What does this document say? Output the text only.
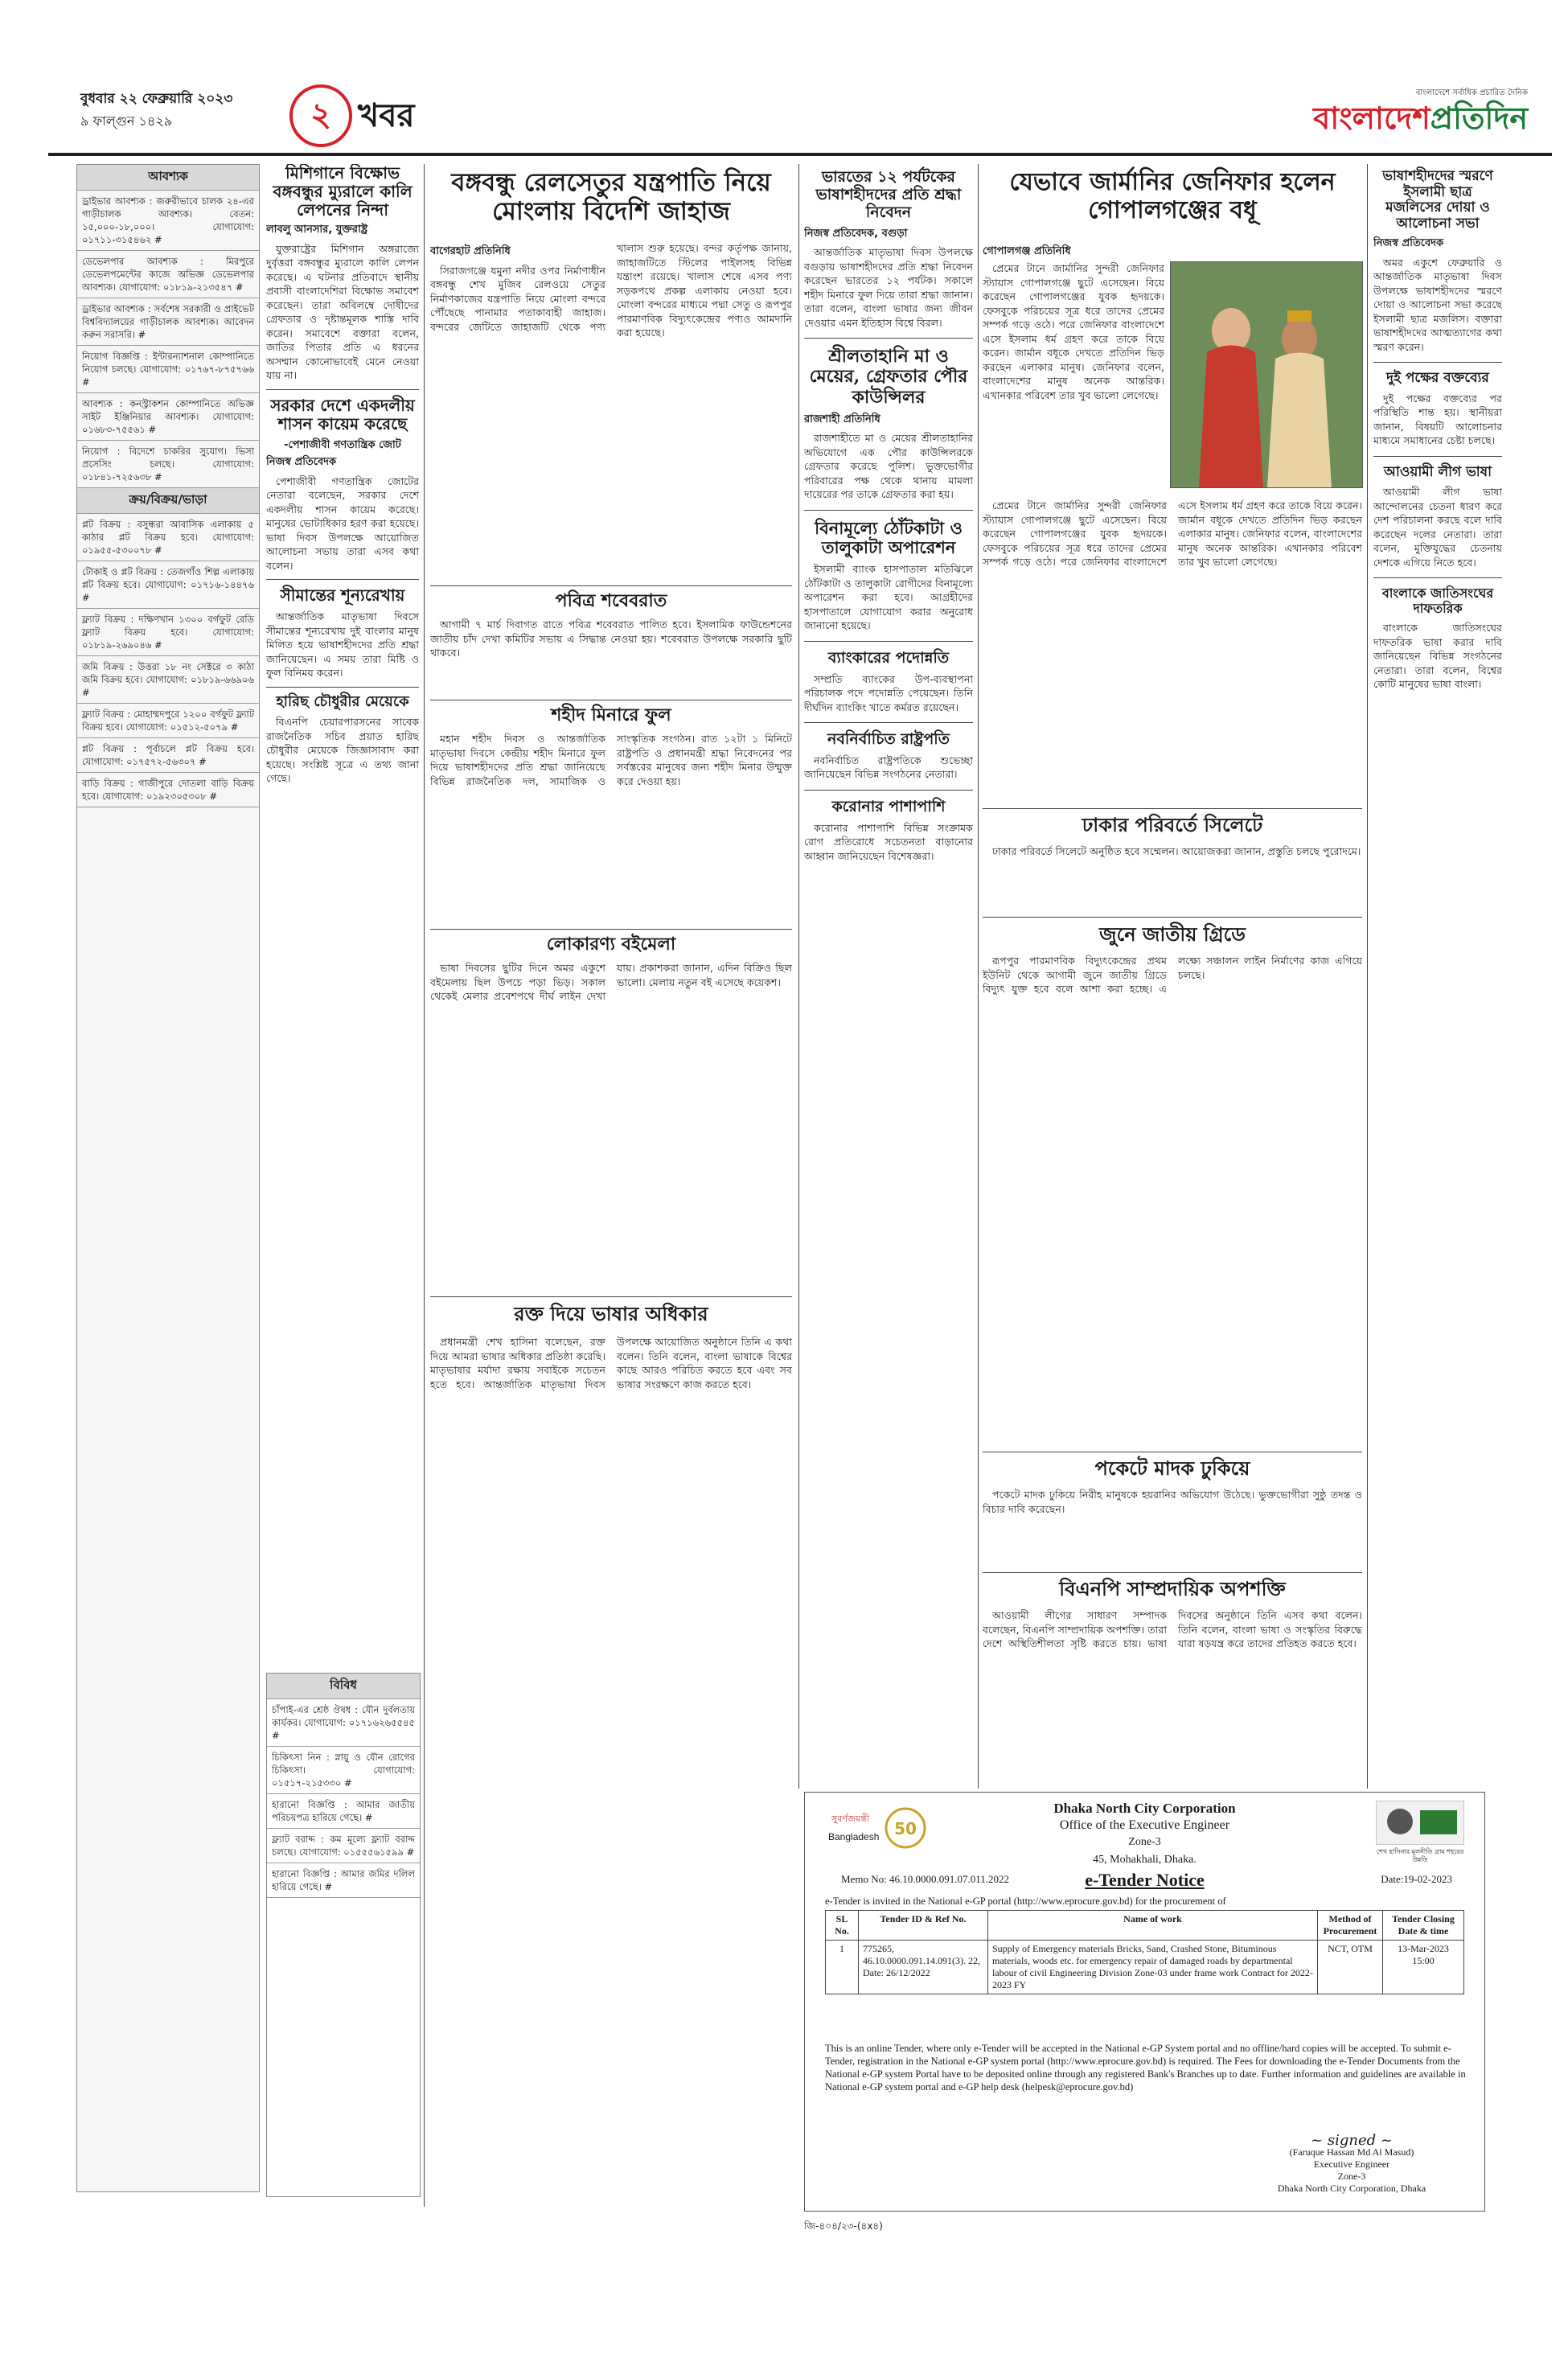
বুধবার ২২ ফেব্রুয়ারি ২০২৩
৯ ফাল্গুন ১৪২৯	২ খবর
বাংলাদেশে সর্বাধিক প্রচারিত দৈনিক
বাংলাদেশপ্রতিদিন
আবশ্যক
ড্রাইভার আবশ্যক : জরুরীভাবে চালক ২৪-এর গাড়ীচালক আবশ্যক। বেতন: ১৫,০০০-১৮,০০০। যোগাযোগ: ০১৭১১-৩১৫৪৬২ #
ডেভেলপার আবশ্যক : মিরপুরে ডেভেলপমেন্টের কাজে অভিজ্ঞ ডেভেলপার আবশ্যক। যোগাযোগ: ০১৮১৯-২১৩৫৪৭ #
ড্রাইভার আবশ্যক : সর্বশেষ সরকারী ও প্রাইভেট বিশ্ববিদ্যালয়ের গাড়ীচালক আবশ্যক। আবেদন করুন সরাসরি। #
নিয়োগ বিজ্ঞপ্তি : ইন্টারন্যাশনাল কোম্পানিতে নিয়োগ চলছে। যোগাযোগ: ০১৭৬৭-৮৭৫৭৬৬ #
আবশ্যক : কনস্ট্রাকশন কোম্পানিতে অভিজ্ঞ সাইট ইঞ্জিনিয়ার আবশ্যক। যোগাযোগ: ০১৬৮৩-৭৫৫৬১ #
নিয়োগ : বিদেশে চাকরির সুযোগ। ভিসা প্রসেসিং চলছে। যোগাযোগ: ০১৮৪১-৭২৫৬৩৮ #
ক্রয়/বিক্রয়/ভাড়া
প্লট বিক্রয় : বসুন্ধরা আবাসিক এলাকায় ৫ কাঠার প্লট বিক্রয় হবে। যোগাযোগ: ০১৯৫৫-৫৩০০৭৮ #
টোকাই ও প্লট বিক্রয় : তেজগাঁও শিল্প এলাকায় প্লট বিক্রয় হবে। যোগাযোগ: ০১৭১৬-১৪৪৭৬ #
ফ্ল্যাট বিক্রয় : দক্ষিণখান ১৩০০ বর্গফুট রেডি ফ্ল্যাট বিক্রয় হবে। যোগাযোগ: ০১৮১৯-২৬৯০৪৬ #
জমি বিক্রয় : উত্তরা ১৮ নং সেক্টরে ৩ কাঠা জমি বিক্রয় হবে। যোগাযোগ: ০১৮১৯-৬৬৯০৬ #
ফ্ল্যাট বিক্রয় : মোহাম্মদপুরে ১২০০ বর্গফুট ফ্ল্যাট বিক্রয় হবে। যোগাযোগ: ০১৫১২-৫০৭৯ #
প্লট বিক্রয় : পূর্বাচলে প্লট বিক্রয় হবে। যোগাযোগ: ০১৭৫৭২-৫৬৩০৭ #
বাড়ি বিক্রয় : গাজীপুরে দোতলা বাড়ি বিক্রয় হবে। যোগাযোগ: ০১৯২৩০৫৩০৮ #
মিশিগানে বিক্ষোভ বঙ্গবন্ধুর ম্যুরালে কালি লেপনের নিন্দা
লাবলু আনসার, যুক্তরাষ্ট্র

যুক্তরাষ্ট্রের মিশিগান অঙ্গরাজ্যে দুর্বৃত্তরা বঙ্গবন্ধুর ম্যুরালে কালি লেপন করেছে। এ ঘটনার প্রতিবাদে স্থানীয় প্রবাসী বাংলাদেশিরা বিক্ষোভ সমাবেশ করেছেন। তারা অবিলম্বে দোষীদের গ্রেফতার ও দৃষ্টান্তমূলক শাস্তি দাবি করেন। সমাবেশে বক্তারা বলেন, জাতির পিতার প্রতি এ ধরনের অসম্মান কোনোভাবেই মেনে নেওয়া যায় না।

সরকার দেশে একদলীয় শাসন কায়েম করেছে
-পেশাজীবী গণতান্ত্রিক জোট
নিজস্ব প্রতিবেদক

পেশাজীবী গণতান্ত্রিক জোটের নেতারা বলেছেন, সরকার দেশে একদলীয় শাসন কায়েম করেছে। মানুষের ভোটাধিকার হরণ করা হয়েছে। ভাষা দিবস উপলক্ষে আয়োজিত আলোচনা সভায় তারা এসব কথা বলেন।

সীমান্তের শূন্যরেখায়

আন্তর্জাতিক মাতৃভাষা দিবসে সীমান্তের শূন্যরেখায় দুই বাংলার মানুষ মিলিত হয়ে ভাষাশহীদদের প্রতি শ্রদ্ধা জানিয়েছেন। এ সময় তারা মিষ্টি ও ফুল বিনিময় করেন।

হারিছ চৌধুরীর মেয়েকে

বিএনপি চেয়ারপারসনের সাবেক রাজনৈতিক সচিব প্রয়াত হারিছ চৌধুরীর মেয়েকে জিজ্ঞাসাবাদ করা হয়েছে। সংশ্লিষ্ট সূত্রে এ তথ্য জানা গেছে।

বিবিধ
চাঁপাই-এর শ্রেষ্ঠ ঔষধ : যৌন দুর্বলতায় কার্যকর। যোগাযোগ: ০১৭১৬২৬৫৫৪৫ #
চিকিৎসা নিন : স্নায়ু ও যৌন রোগের চিকিৎসা। যোগাযোগ: ০১৫১৭-২১৫৩৩০ #
হারানো বিজ্ঞপ্তি : আমার জাতীয় পরিচয়পত্র হারিয়ে গেছে। #
ফ্ল্যাট বরাদ্দ : কম মূল্যে ফ্ল্যাট বরাদ্দ চলছে। যোগাযোগ: ০১৫৫৫৬১৫৯৯ #
হারানো বিজ্ঞপ্তি : আমার জমির দলিল হারিয়ে গেছে। #
বঙ্গবন্ধু রেলসেতুর যন্ত্রপাতি নিয়ে মোংলায় বিদেশি জাহাজ
বাগেরহাট প্রতিনিধি

সিরাজগঞ্জে যমুনা নদীর ওপর নির্মাণাধীন বঙ্গবন্ধু শেখ মুজিব রেলওয়ে সেতুর নির্মাণকাজের যন্ত্রপাতি নিয়ে মোংলা বন্দরে পৌঁছেছে পানামার পতাকাবাহী জাহাজ। বন্দরের জেটিতে জাহাজটি থেকে পণ্য খালাস শুরু হয়েছে। বন্দর কর্তৃপক্ষ জানায়, জাহাজটিতে স্টিলের পাইলসহ বিভিন্ন যন্ত্রাংশ রয়েছে। খালাস শেষে এসব পণ্য সড়কপথে প্রকল্প এলাকায় নেওয়া হবে। মোংলা বন্দরের মাধ্যমে পদ্মা সেতু ও রূপপুর পারমাণবিক বিদ্যুৎকেন্দ্রের পণ্যও আমদানি করা হয়েছে।

পবিত্র শবেবরাত

আগামী ৭ মার্চ দিবাগত রাতে পবিত্র শবেবরাত পালিত হবে। ইসলামিক ফাউন্ডেশনের জাতীয় চাঁদ দেখা কমিটির সভায় এ সিদ্ধান্ত নেওয়া হয়। শবেবরাত উপলক্ষে সরকারি ছুটি থাকবে।

শহীদ মিনারে ফুল

মহান শহীদ দিবস ও আন্তর্জাতিক মাতৃভাষা দিবসে কেন্দ্রীয় শহীদ মিনারে ফুল দিয়ে ভাষাশহীদদের প্রতি শ্রদ্ধা জানিয়েছে বিভিন্ন রাজনৈতিক দল, সামাজিক ও সাংস্কৃতিক সংগঠন। রাত ১২টা ১ মিনিটে রাষ্ট্রপতি ও প্রধানমন্ত্রী শ্রদ্ধা নিবেদনের পর সর্বস্তরের মানুষের জন্য শহীদ মিনার উন্মুক্ত করে দেওয়া হয়।

লোকারণ্য বইমেলা

ভাষা দিবসের ছুটির দিনে অমর একুশে বইমেলায় ছিল উপচে পড়া ভিড়। সকাল থেকেই মেলার প্রবেশপথে দীর্ঘ লাইন দেখা যায়। প্রকাশকরা জানান, এদিন বিক্রিও ছিল ভালো। মেলায় নতুন বই এসেছে কয়েকশ।

রক্ত দিয়ে ভাষার অধিকার

প্রধানমন্ত্রী শেখ হাসিনা বলেছেন, রক্ত দিয়ে আমরা ভাষার অধিকার প্রতিষ্ঠা করেছি। মাতৃভাষার মর্যাদা রক্ষায় সবাইকে সচেতন হতে হবে। আন্তর্জাতিক মাতৃভাষা দিবস উপলক্ষে আয়োজিত অনুষ্ঠানে তিনি এ কথা বলেন। তিনি বলেন, বাংলা ভাষাকে বিশ্বের কাছে আরও পরিচিত করতে হবে এবং সব ভাষার সংরক্ষণে কাজ করতে হবে।

ভারতের ১২ পর্যটকের ভাষাশহীদদের প্রতি শ্রদ্ধা নিবেদন
নিজস্ব প্রতিবেদক, বগুড়া

আন্তর্জাতিক মাতৃভাষা দিবস উপলক্ষে বগুড়ায় ভাষাশহীদদের প্রতি শ্রদ্ধা নিবেদন করেছেন ভারতের ১২ পর্যটক। সকালে শহীদ মিনারে ফুল দিয়ে তারা শ্রদ্ধা জানান। তারা বলেন, বাংলা ভাষার জন্য জীবন দেওয়ার এমন ইতিহাস বিশ্বে বিরল।

শ্রীলতাহানি মা ও মেয়ের, গ্রেফতার পৌর কাউন্সিলর
রাজশাহী প্রতিনিধি

রাজশাহীতে মা ও মেয়ের শ্রীলতাহানির অভিযোগে এক পৌর কাউন্সিলরকে গ্রেফতার করেছে পুলিশ। ভুক্তভোগীর পরিবারের পক্ষ থেকে থানায় মামলা দায়েরের পর তাকে গ্রেফতার করা হয়।

বিনামূল্যে ঠোঁটকাটা ও তালুকাটা অপারেশন

ইসলামী ব্যাংক হাসপাতাল মতিঝিলে ঠোঁটকাটা ও তালুকাটা রোগীদের বিনামূল্যে অপারেশন করা হবে। আগ্রহীদের হাসপাতালে যোগাযোগ করার অনুরোধ জানানো হয়েছে।

ব্যাংকারের পদোন্নতি

সম্প্রতি ব্যাংকের উপ-ব্যবস্থাপনা পরিচালক পদে পদোন্নতি পেয়েছেন। তিনি দীর্ঘদিন ব্যাংকিং খাতে কর্মরত রয়েছেন।

নবনির্বাচিত রাষ্ট্রপতি

নবনির্বাচিত রাষ্ট্রপতিকে শুভেচ্ছা জানিয়েছেন বিভিন্ন সংগঠনের নেতারা।

করোনার পাশাপাশি

করোনার পাশাপাশি বিভিন্ন সংক্রামক রোগ প্রতিরোধে সচেতনতা বাড়ানোর আহ্বান জানিয়েছেন বিশেষজ্ঞরা।

যেভাবে জার্মানির জেনিফার হলেন গোপালগঞ্জের বধূ
গোপালগঞ্জ প্রতিনিধি

প্রেমের টানে জার্মানির সুন্দরী জেনিফার স্ট্যায়াস গোপালগঞ্জে ছুটে এসেছেন। বিয়ে করেছেন গোপালগঞ্জের যুবক হৃদয়কে। ফেসবুকে পরিচয়ের সূত্র ধরে তাদের প্রেমের সম্পর্ক গড়ে ওঠে। পরে জেনিফার বাংলাদেশে এসে ইসলাম ধর্ম গ্রহণ করে তাকে বিয়ে করেন। জার্মান বধূকে দেখতে প্রতিদিন ভিড় করছেন এলাকার মানুষ। জেনিফার বলেন, বাংলাদেশের মানুষ অনেক আন্তরিক। এখানকার পরিবেশ তার খুব ভালো লেগেছে।

প্রেমের টানে জার্মানির সুন্দরী জেনিফার স্ট্যায়াস গোপালগঞ্জে ছুটে এসেছেন। বিয়ে করেছেন গোপালগঞ্জের যুবক হৃদয়কে। ফেসবুকে পরিচয়ের সূত্র ধরে তাদের প্রেমের সম্পর্ক গড়ে ওঠে। পরে জেনিফার বাংলাদেশে এসে ইসলাম ধর্ম গ্রহণ করে তাকে বিয়ে করেন। জার্মান বধূকে দেখতে প্রতিদিন ভিড় করছেন এলাকার মানুষ। জেনিফার বলেন, বাংলাদেশের মানুষ অনেক আন্তরিক। এখানকার পরিবেশ তার খুব ভালো লেগেছে।

ঢাকার পরিবর্তে সিলেটে

ঢাকার পরিবর্তে সিলেটে অনুষ্ঠিত হবে সম্মেলন। আয়োজকরা জানান, প্রস্তুতি চলছে পুরোদমে।

জুনে জাতীয় গ্রিডে

রূপপুর পারমাণবিক বিদ্যুৎকেন্দ্রের প্রথম ইউনিট থেকে আগামী জুনে জাতীয় গ্রিডে বিদ্যুৎ যুক্ত হবে বলে আশা করা হচ্ছে। এ লক্ষ্যে সঞ্চালন লাইন নির্মাণের কাজ এগিয়ে চলছে।

পকেটে মাদক ঢুকিয়ে

পকেটে মাদক ঢুকিয়ে নিরীহ মানুষকে হয়রানির অভিযোগ উঠেছে। ভুক্তভোগীরা সুষ্ঠু তদন্ত ও বিচার দাবি করেছেন।

বিএনপি সাম্প্রদায়িক অপশক্তি

আওয়ামী লীগের সাধারণ সম্পাদক বলেছেন, বিএনপি সাম্প্রদায়িক অপশক্তি। তারা দেশে অস্থিতিশীলতা সৃষ্টি করতে চায়। ভাষা দিবসের অনুষ্ঠানে তিনি এসব কথা বলেন। তিনি বলেন, বাংলা ভাষা ও সংস্কৃতির বিরুদ্ধে যারা ষড়যন্ত্র করে তাদের প্রতিহত করতে হবে।

ভাষাশহীদদের স্মরণে ইসলামী ছাত্র মজলিসের দোয়া ও আলোচনা সভা
নিজস্ব প্রতিবেদক

অমর একুশে ফেব্রুয়ারি ও আন্তর্জাতিক মাতৃভাষা দিবস উপলক্ষে ভাষাশহীদদের স্মরণে দোয়া ও আলোচনা সভা করেছে ইসলামী ছাত্র মজলিস। বক্তারা ভাষাশহীদদের আত্মত্যাগের কথা স্মরণ করেন।

দুই পক্ষের বক্তব্যের

দুই পক্ষের বক্তব্যের পর পরিস্থিতি শান্ত হয়। স্থানীয়রা জানান, বিষয়টি আলোচনার মাধ্যমে সমাধানের চেষ্টা চলছে।

আওয়ামী লীগ ভাষা

আওয়ামী লীগ ভাষা আন্দোলনের চেতনা ধারণ করে দেশ পরিচালনা করছে বলে দাবি করেছেন দলের নেতারা। তারা বলেন, মুক্তিযুদ্ধের চেতনায় দেশকে এগিয়ে নিতে হবে।

বাংলাকে জাতিসংঘের দাফতরিক

বাংলাকে জাতিসংঘের দাফতরিক ভাষা করার দাবি জানিয়েছেন বিভিন্ন সংগঠনের নেতারা। তারা বলেন, বিশ্বের কোটি মানুষের ভাষা বাংলা।

50
সুবর্ণজয়ন্তী
Bangladesh
শেখ হাসিনার মূলনীতি গ্রাম শহরের উন্নতি
Dhaka North City Corporation
Office of the Executive Engineer
Zone-3
45, Mohakhali, Dhaka.
Memo No: 46.10.0000.091.07.011.2022	e-Tender Notice	Date:19-02-2023
e-Tender is invited in the National e-GP portal (http://www.eprocure.gov.bd) for the procurement of
SL No.	Tender ID & Ref No.	Name of work	Method of Procurement	Tender Closing Date & time
1	775265, 46.10.0000.091.14.091(3). 22, Date: 26/12/2022	Supply of Emergency materials Bricks, Sand, Crashed Stone, Bituminous materials, woods etc. for emergency repair of damaged roads by departmental labour of civil Engineering Division Zone-03 under frame work Contract for 2022-2023 FY	NCT, OTM	13-Mar-2023 15:00
This is an online Tender, where only e-Tender will be accepted in the National e-GP System portal and no offline/hard copies will be accepted. To submit e-Tender, registration in the National e-GP system portal (http://www.eprocure.gov.bd) is required. The Fees for downloading the e-Tender Documents from the National e-GP system Portal have to be deposited online through any registered Bank's Branches up to date. Further information and guidelines are available in National e-GP system portal and e-GP help desk (helpesk@eprocure.gov.bd)
~ signed ~
(Faruque Hassan Md Al Masud)
Executive Engineer
Zone-3
Dhaka North City Corporation, Dhaka
জি-৪০৪/২৩-(৪x৪)
